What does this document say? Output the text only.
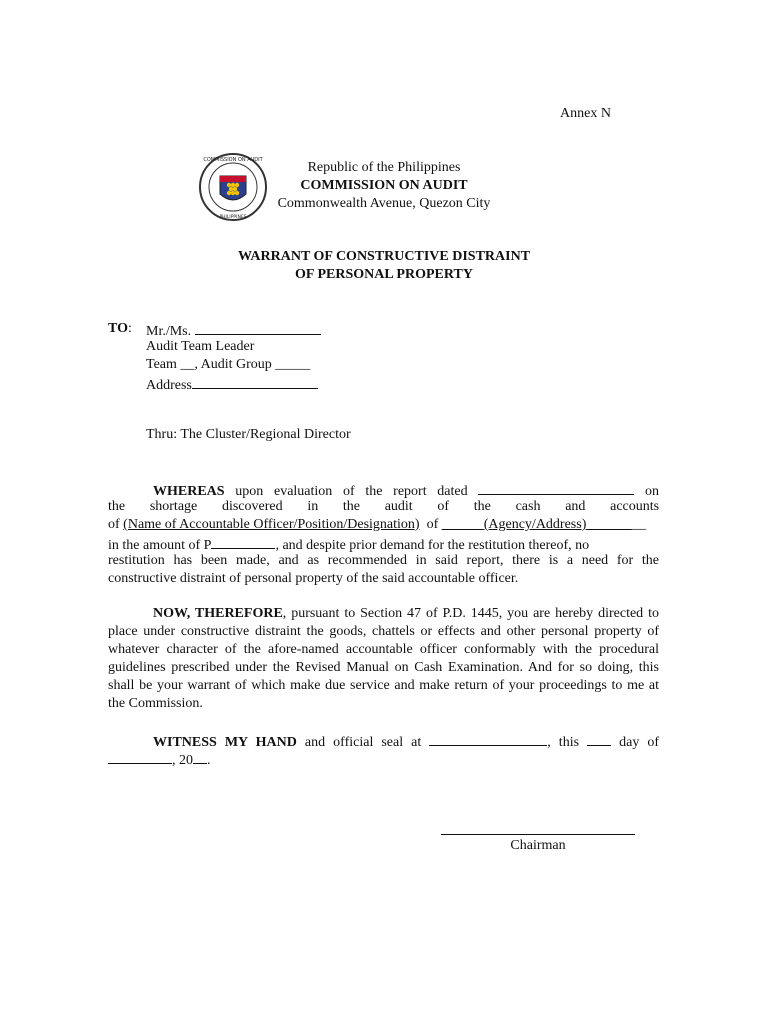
Annex N
COMMISSION ON AUDIT
PHILIPPINES
Republic of the Philippines
COMMISSION ON AUDIT
Commonwealth Avenue, Quezon City
WARRANT OF CONSTRUCTIVE DISTRAINT
OF PERSONAL PROPERTY
TO: Mr./Ms.
Audit Team Leader
Team __, Audit Group _____
Address
Thru: The Cluster/Regional Director
WHEREAS upon evaluation of the report dated	on
the shortage discovered in the audit of the cash and accounts
of (Name of Accountable Officer/Position/Designation) of	(Agency/Address)	__
in the amount of P	, and despite prior demand for the restitution thereof, no
restitution has been made, and as recommended in said report, there is a need for the
constructive distraint of personal property of the said accountable officer.
NOW, THEREFORE, pursuant to Section 47 of P.D. 1445, you are hereby directed to place under constructive distraint the goods, chattels or effects and other personal property of whatever character of the afore-named accountable officer conformably with the procedural guidelines prescribed under the Revised Manual on Cash Examination. And for so doing, this shall be your warrant of which make due service and make return of your proceedings to me at the Commission.
WITNESS MY HAND and official seal at	, this	day of
, 20 .
Chairman
